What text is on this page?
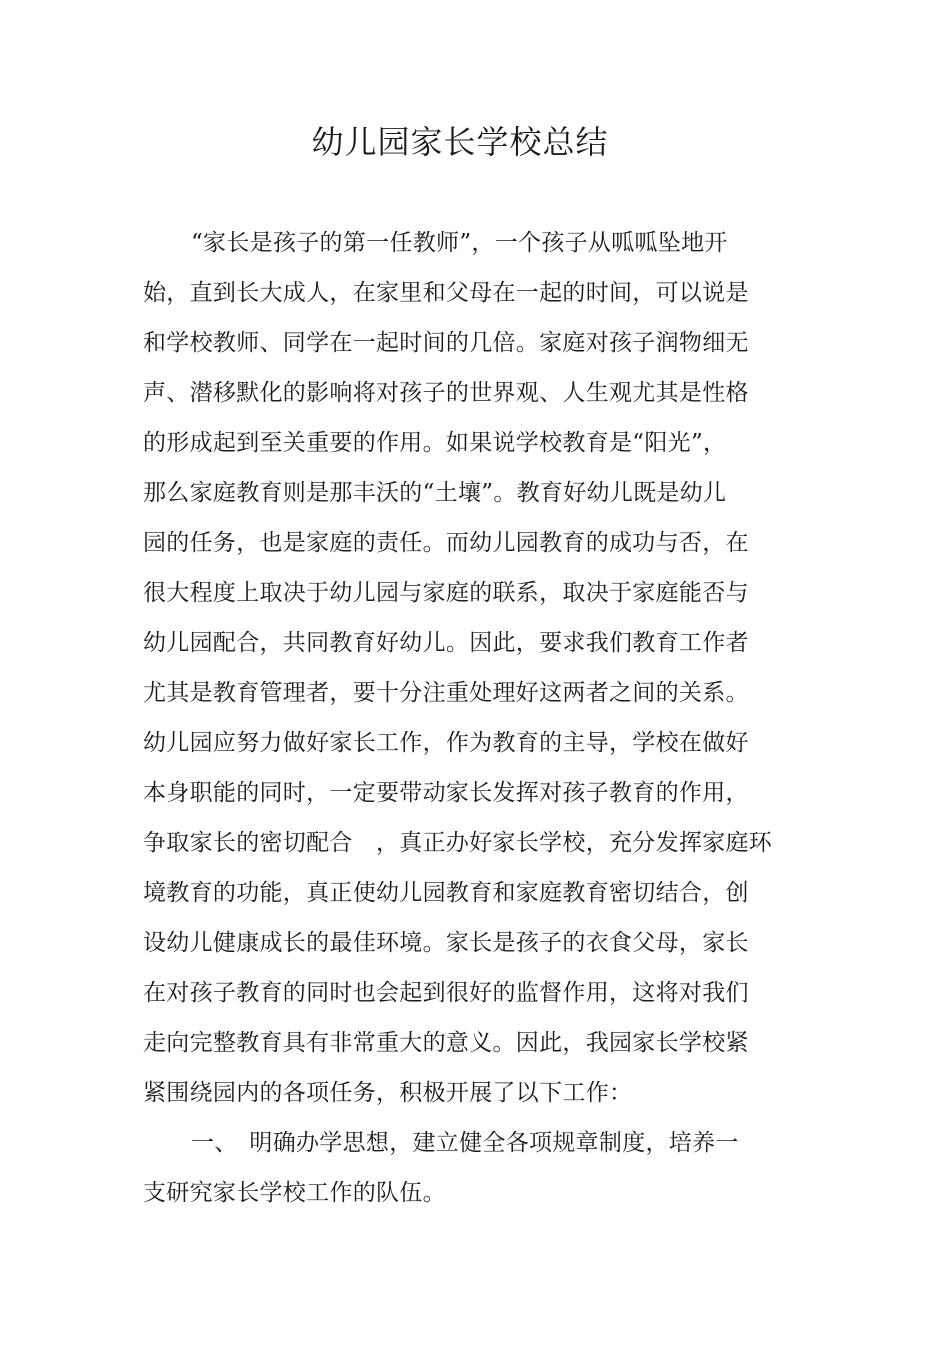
幼儿园家长学校总结
“家长是孩子的第一任教师”，一个孩子从呱呱坠地开
始，直到长大成人，在家里和父母在一起的时间，可以说是
和学校教师、同学在一起时间的几倍。家庭对孩子润物细无
声、潜移默化的影响将对孩子的世界观、人生观尤其是性格
的形成起到至关重要的作用。如果说学校教育是“阳光”，
那么家庭教育则是那丰沃的“土壤”。教育好幼儿既是幼儿
园的任务，也是家庭的责任。而幼儿园教育的成功与否，在
很大程度上取决于幼儿园与家庭的联系，取决于家庭能否与
幼儿园配合，共同教育好幼儿。因此，要求我们教育工作者
尤其是教育管理者，要十分注重处理好这两者之间的关系。
幼儿园应努力做好家长工作，作为教育的主导，学校在做好
本身职能的同时，一定要带动家长发挥对孩子教育的作用，
争取家长的密切配合　，真正办好家长学校，充分发挥家庭环
境教育的功能，真正使幼儿园教育和家庭教育密切结合，创
设幼儿健康成长的最佳环境。家长是孩子的衣食父母，家长
在对孩子教育的同时也会起到很好的监督作用，这将对我们
走向完整教育具有非常重大的意义。因此，我园家长学校紧
紧围绕园内的各项任务，积极开展了以下工作：
一、　明确办学思想，建立健全各项规章制度，培养一
支研究家长学校工作的队伍。
